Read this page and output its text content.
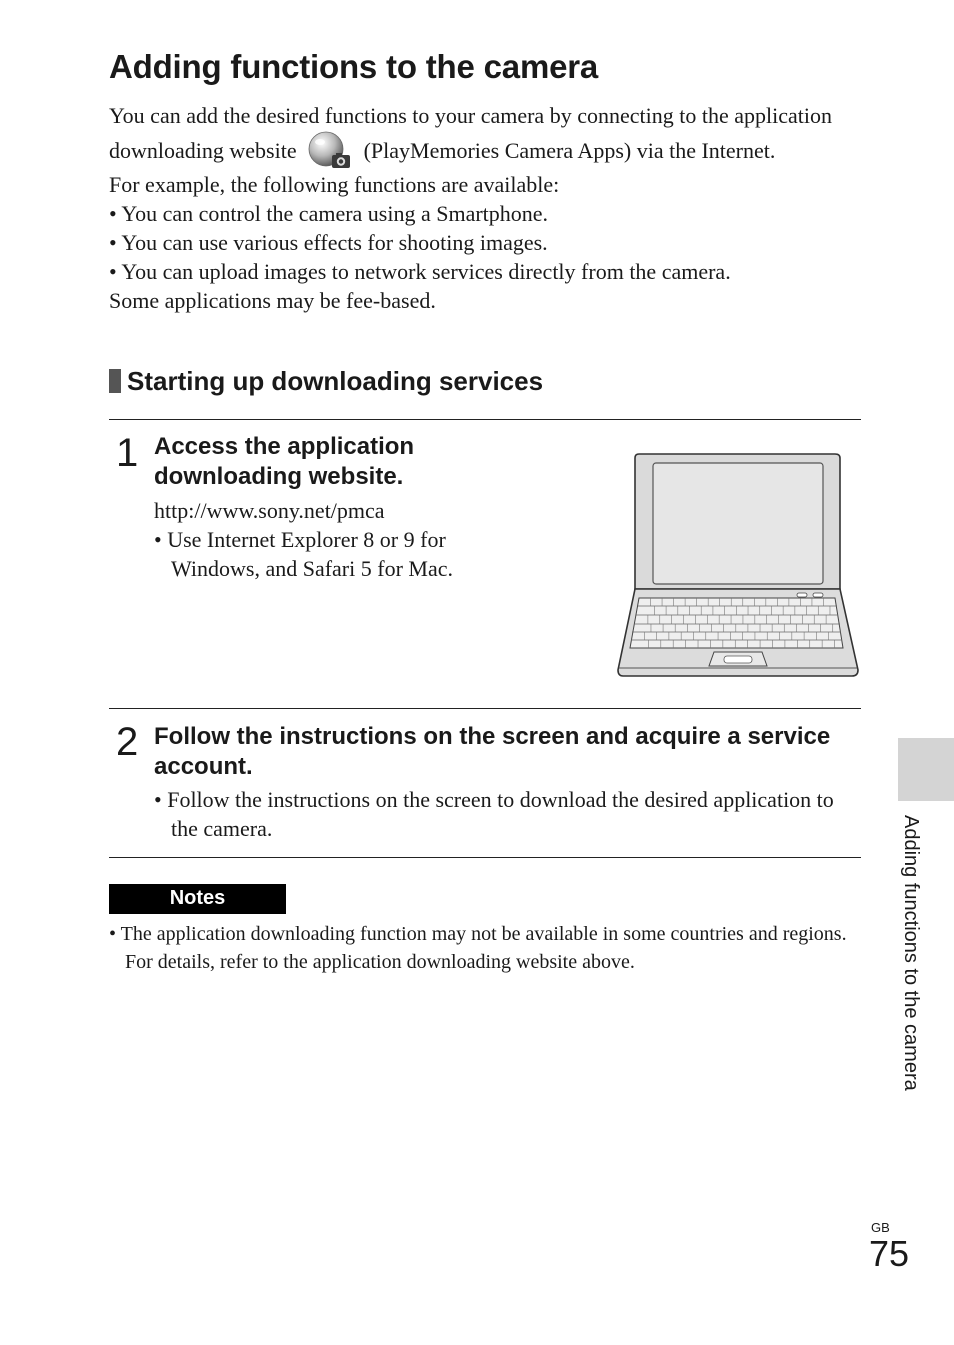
Adding functions to the camera

You can add the desired functions to your camera by connecting to the application downloading website	(PlayMemories Camera Apps) via the Internet.

For example, the following functions are available:

• You can control the camera using a Smartphone.

• You can use various effects for shooting images.

• You can upload images to network services directly from the camera.

Some applications may be fee-based.

Starting up downloading services
1 Access the application downloading website.

http://www.sony.net/pmca

• Use Internet Explorer 8 or 9 for Windows, and Safari 5 for Mac.

2 Follow the instructions on the screen and acquire a service account.

• Follow the instructions on the screen to download the desired application to the camera.

Notes

• The application downloading function may not be available in some countries and regions. For details, refer to the application downloading website above.	Adding functions to the camera
GB
75
